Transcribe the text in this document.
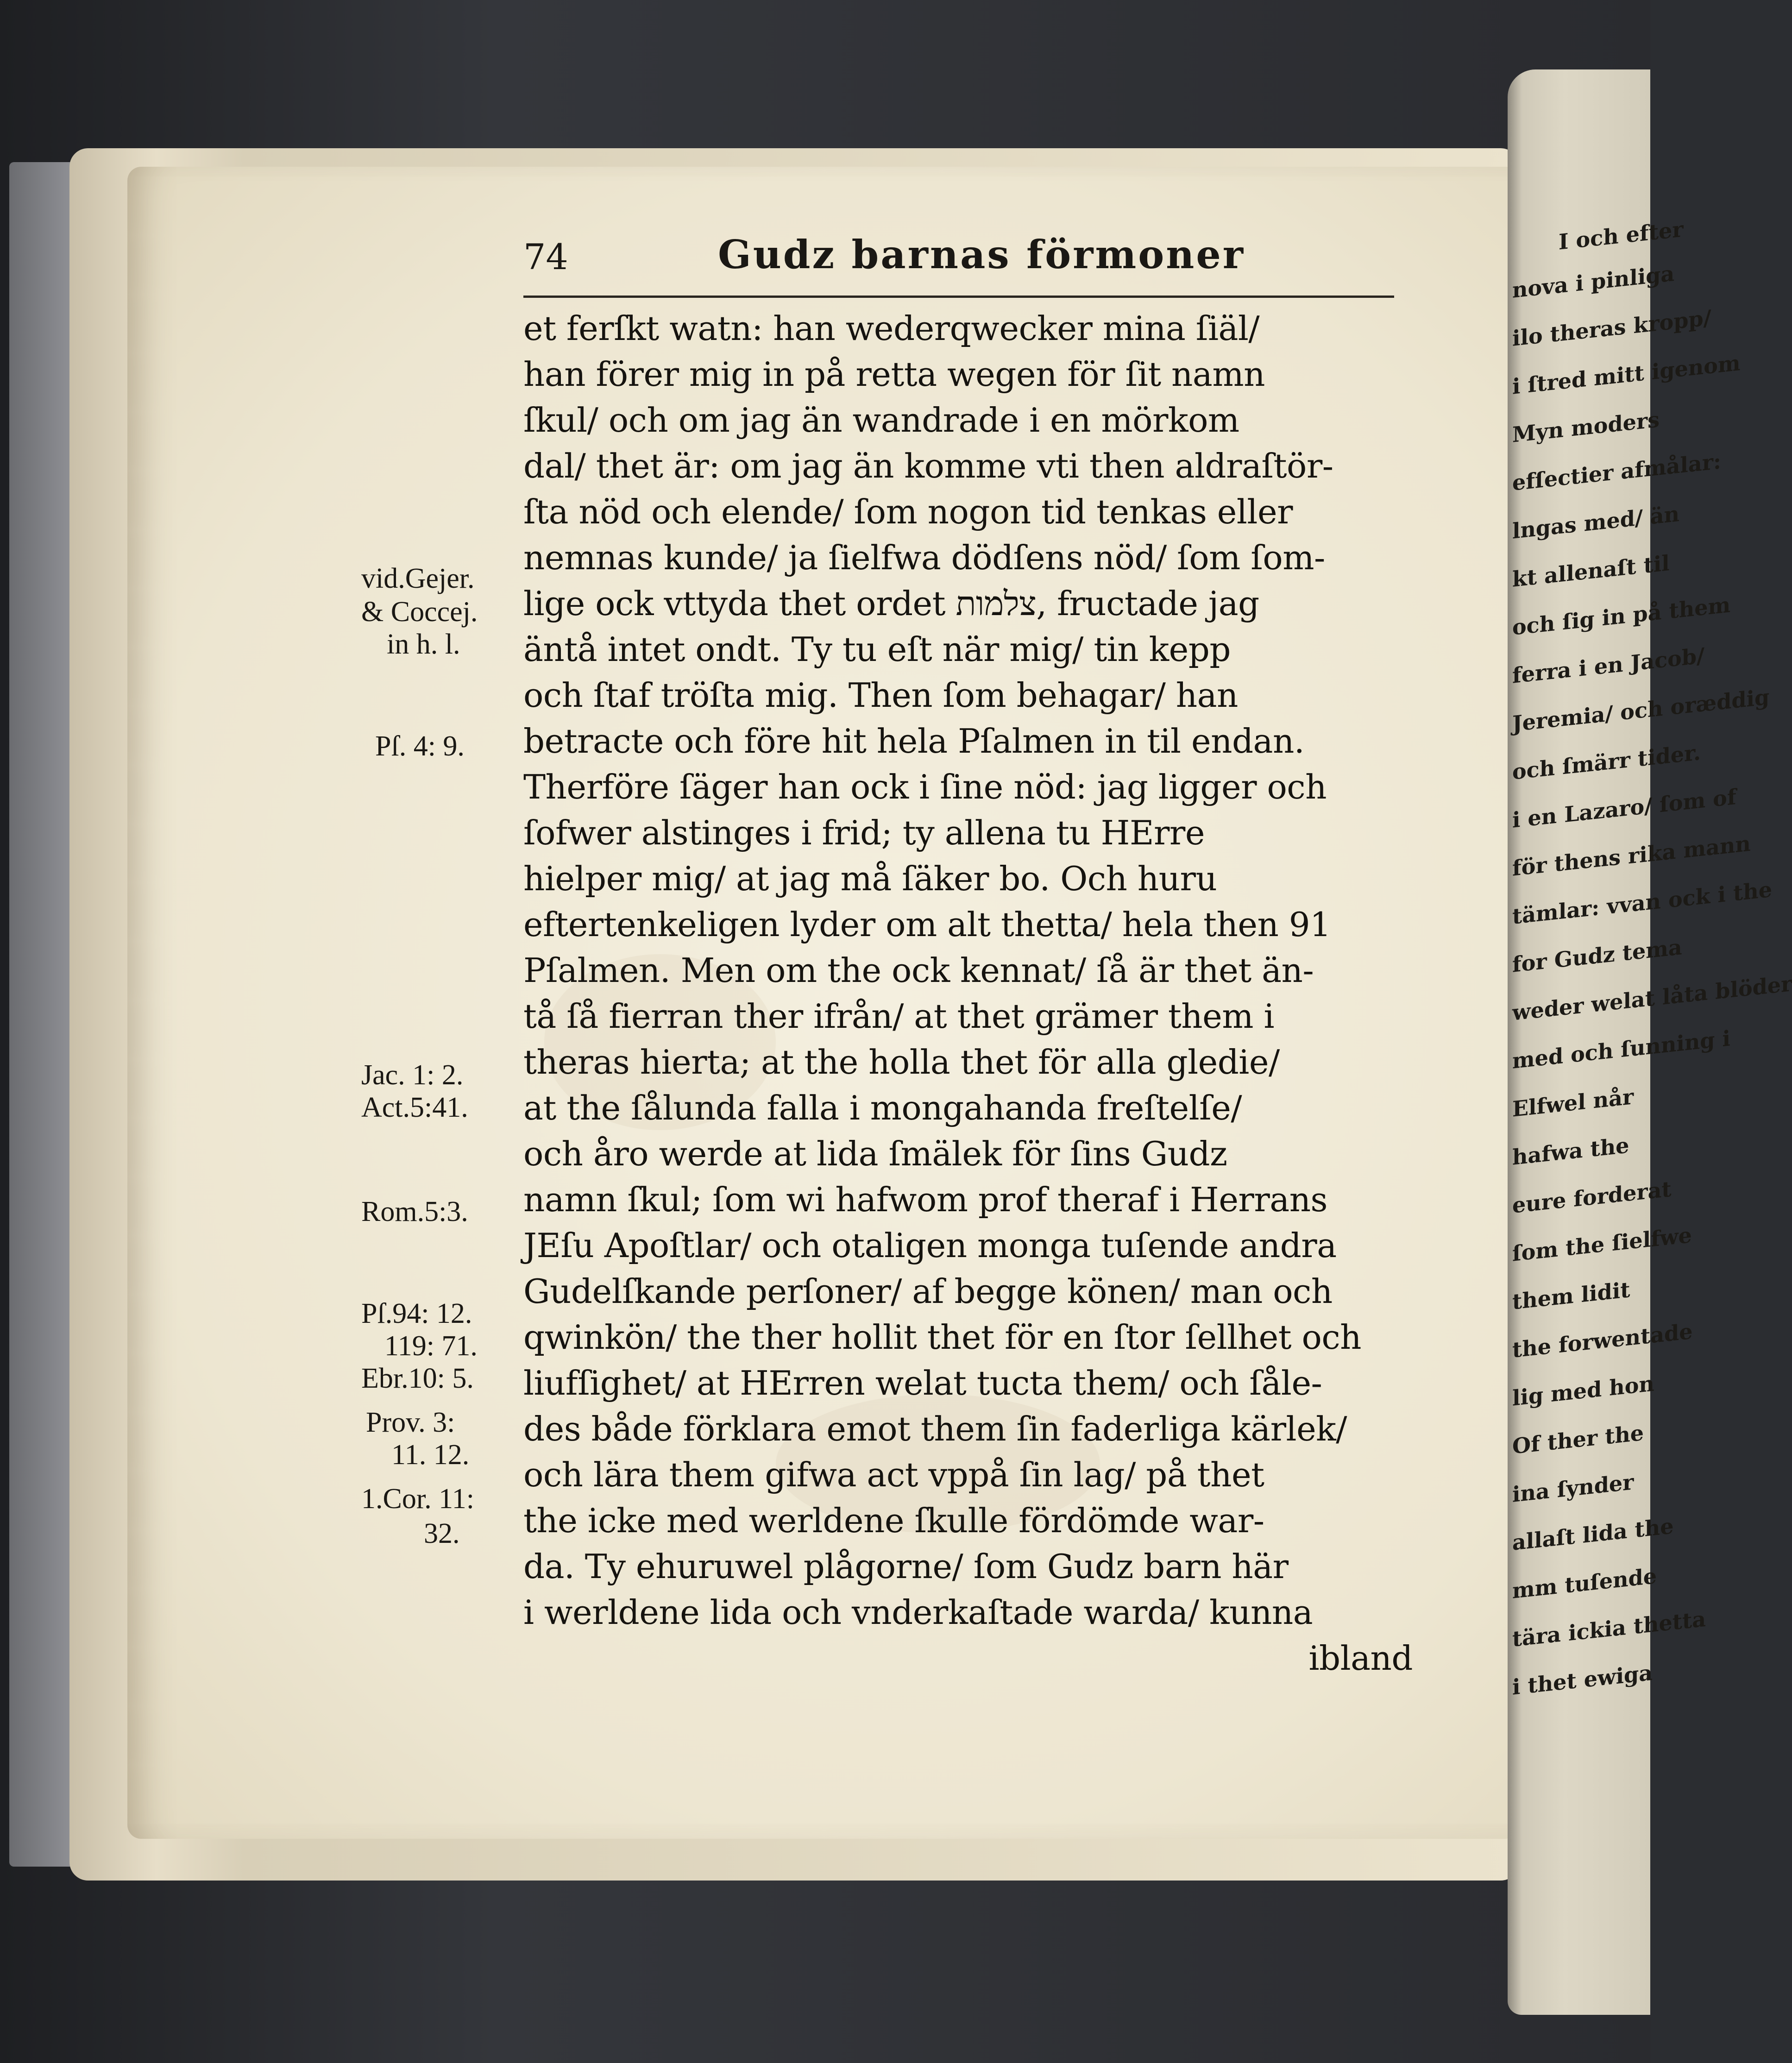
I och efter
nova i pinliga
ilo theras kropp/
i ſtred mitt igenom
Myn moders
efſectier afmålar:
lngas med/ än
kt allenaſt til
och ſig in på them
ferra i en Jacob/
Jeremia/ och oræddig
och ſmärr tider.
i en Lazaro/ ſom of
för thens rika mann
tämlar: vvan ock i the
for Gudz tema
weder welat låta blöder
med och ſunning i
Elfwel når
hafwa the
eure forderat
ſom the ſielfwe
them lidit
the forwentade
lig med hon
Of ther the
ina ſynder
allaſt lida the
mm tuſende
tära ickia thetta
i thet ewiga
74	Gudz barnas förmoner
et ferſkt watn: han wederqwecker mina ſiäl/
han förer mig in på retta wegen för ſit namn
ſkul/ och om jag än wandrade i en mörkom
dal/ thet är: om jag än komme vti then aldraſtör-
ſta nöd och elende/ ſom nogon tid tenkas eller
nemnas kunde/ ja ſielfwa dödſens nöd/ ſom ſom-
lige ock vttyda thet ordet צלמות, fructade jag
äntå intet ondt. Ty tu eſt när mig/ tin kepp
och ſtaf tröſta mig. Then ſom behagar/ han
betracte och före hit hela Pſalmen in til endan.
Therföre ſäger han ock i ſine nöd: jag ligger och
ſofwer alstinges i frid; ty allena tu HErre
hielper mig/ at jag må ſäker bo. Och huru
eftertenkeligen lyder om alt thetta/ hela then 91
Pſalmen. Men om the ock kennat/ ſå är thet än-
tå ſå fierran ther ifrån/ at thet grämer them i
theras hierta; at the holla thet för alla gledie/
at the ſålunda falla i mongahanda freſtelſe/
och åro werde at lida ſmälek för ſins Gudz
namn ſkul; ſom wi hafwom prof theraf i Herrans
JEſu Apoſtlar/ och otaligen monga tuſende andra
Gudelſkande perſoner/ af begge könen/ man och
qwinkön/ the ther hollit thet för en ſtor ſellhet och
liufſighet/ at HErren welat tucta them/ och ſåle-
des både förklara emot them ſin faderliga kärlek/
och lära them gifwa act vppå ſin lag/ på thet
the icke med werldene ſkulle fördömde war-
da. Ty ehuruwel plågorne/ ſom Gudz barn här
i werldene lida och vnderkaſtade warda/ kunna
ibland
vid.Gejer.
& Coccej.
in h. l.
Pſ. 4: 9.
Jac. 1: 2.
Act.5:41.
Rom.5:3.
Pſ.94: 12.
119: 71.
Ebr.10: 5.
Prov. 3:
11. 12.
1.Cor. 11:
32.
